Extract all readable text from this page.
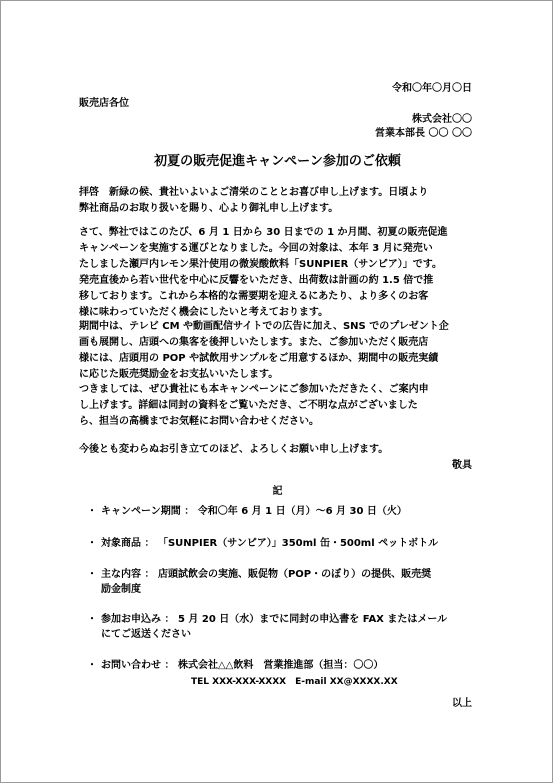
令和〇年〇月〇日
販売店各位
株式会社〇〇
営業本部長 〇〇 〇〇
初夏の販売促進キャンペーン参加のご依頼
拝啓　新緑の候、貴社いよいよご清栄のこととお喜び申し上げます。日頃より
弊社商品のお取り扱いを賜り、心より御礼申し上げます。
さて、弊社ではこのたび、6 月 1 日から 30 日までの 1 か月間、初夏の販売促進
キャンペーンを実施する運びとなりました。今回の対象は、本年 3 月に発売い
たしました瀬戸内レモン果汁使用の微炭酸飲料「SUNPIER（サンピア）」です。
発売直後から若い世代を中心に反響をいただき、出荷数は計画の約 1.5 倍で推
移しております。これから本格的な需要期を迎えるにあたり、より多くのお客
様に味わっていただく機会にしたいと考えております。
期間中は、テレビ CM や動画配信サイトでの広告に加え、SNS でのプレゼント企
画も展開し、店頭への集客を後押しいたします。また、ご参加いただく販売店
様には、店頭用の POP や試飲用サンプルをご用意するほか、期間中の販売実績
に応じた販売奨励金をお支払いいたします。
つきましては、ぜひ貴社にも本キャンペーンにご参加いただきたく、ご案内申
し上げます。詳細は同封の資料をご覧いただき、ご不明な点がございました
ら、担当の高橋までお気軽にお問い合わせください。
今後とも変わらぬお引き立てのほど、よろしくお願い申し上げます。
敬具
記
・ キャンペーン期間 ： 令和〇年 6 月 1 日（月）～6 月 30 日（火）
・ 対象商品 ： 「SUNPIER（サンピア）」350ml 缶・500ml ペットボトル
・ 主な内容 ： 店頭試飲会の実施、販促物（POP・のぼり）の提供、販売奨
励金制度
・ 参加お申込み ： 5 月 20 日（水）までに同封の申込書を FAX またはメール
にてご返送ください
・ お問い合わせ ： 株式会社△△飲料　営業推進部（担当：〇〇）
TEL XXX-XXX-XXXX　E-mail XX@XXXX.XX
以上
